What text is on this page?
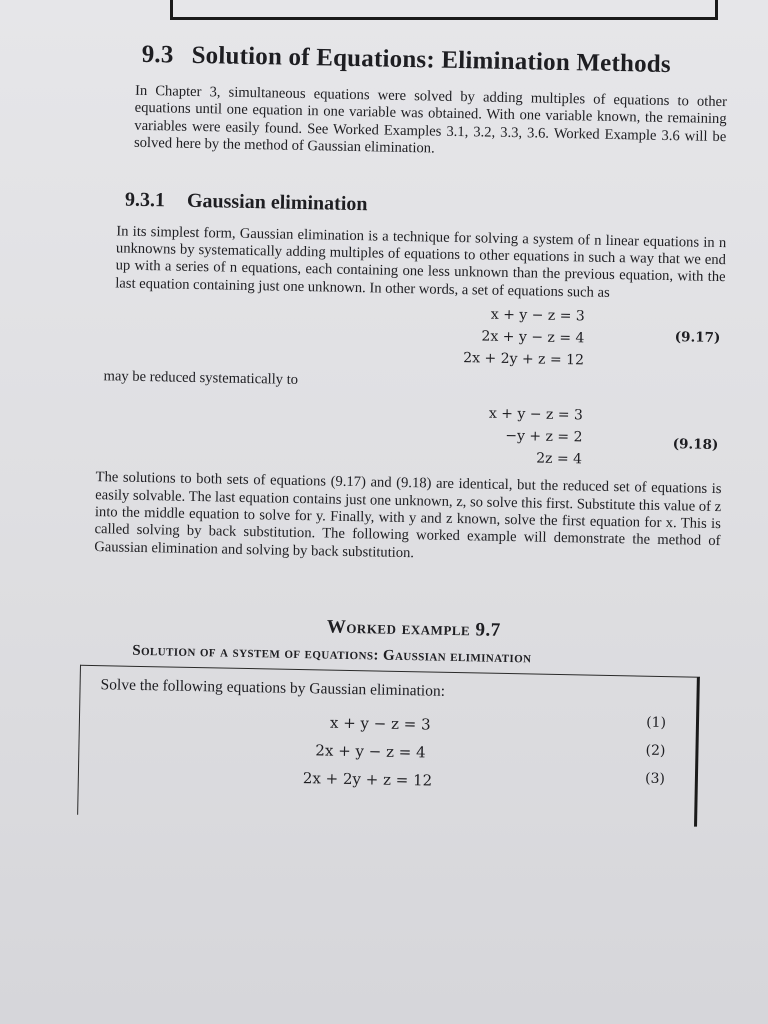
9.3 Solution of Equations: Elimination Methods

In Chapter 3, simultaneous equations were solved by adding multiples of equations to other equations until one equation in one variable was obtained. With one variable known, the remaining variables were easily found. See Worked Examples 3.1, 3.2, 3.3, 3.6. Worked Example 3.6 will be solved here by the method of Gaussian elimination.

9.3.1 Gaussian elimination

In its simplest form, Gaussian elimination is a technique for solving a system of n linear equations in n unknowns by systematically adding multiples of equations to other equations in such a way that we end up with a series of n equations, each containing one less unknown than the previous equation, with the last equation containing just one unknown. In other words, a set of equations such as

x + y − z = 3
2x + y − z = 4
2x + 2y + z = 12
(9.17)
may be reduced systematically to
x + y − z = 3
−y + z = 2
2z = 4
(9.18)

The solutions to both sets of equations (9.17) and (9.18) are identical, but the reduced set of equations is easily solvable. The last equation contains just one unknown, z, so solve this first. Substitute this value of z into the middle equation to solve for y. Finally, with y and z known, solve the first equation for x. This is called solving by back substitution. The following worked example will demonstrate the method of Gaussian elimination and solving by back substitution.

Worked example 9.7
Solution of a system of equations: Gaussian elimination
Solve the following equations by Gaussian elimination:
x + y − z = 3	(1)
2x + y − z = 4	(2)
2x + 2y + z = 12	(3)
